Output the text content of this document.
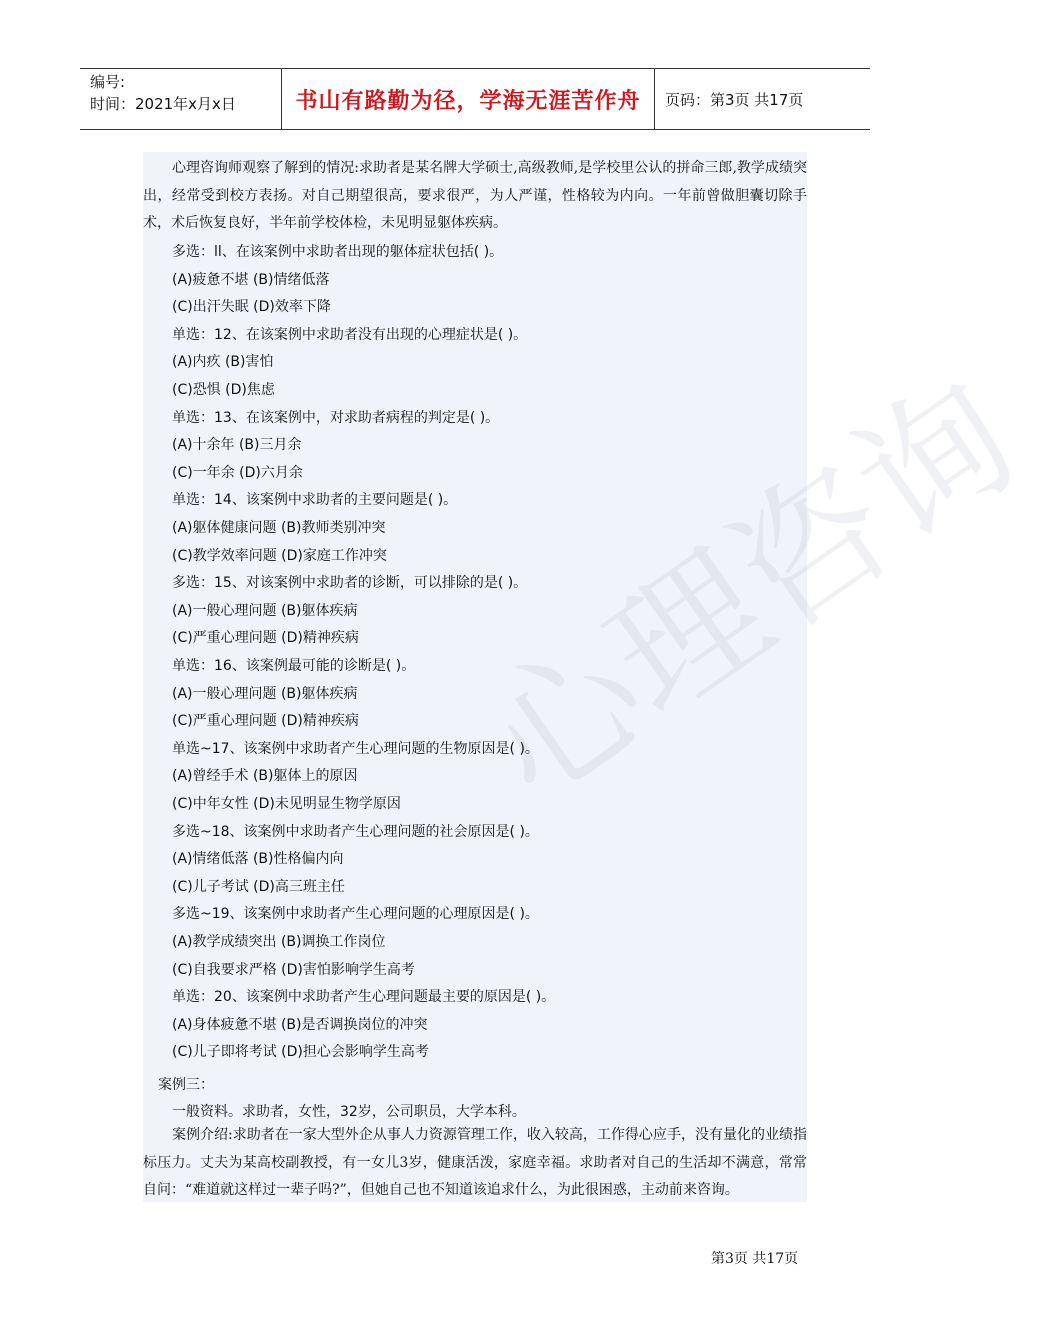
编号:
时间：2021年x月x日	书山有路勤为径，学海无涯苦作舟	页码：第3页 共17页
心理咨询
心理咨询师观察了解到的情况:求助者是某名牌大学硕士,高级教师,是学校里公认的拼命三郎,教学成绩突出，经常受到校方表扬。对自己期望很高，要求很严，为人严谨，性格较为内向。一年前曾做胆囊切除手术，术后恢复良好，半年前学校体检，未见明显躯体疾病。
多选：ll、在该案例中求助者出现的躯体症状包括( )。
(A)疲惫不堪 (B)情绪低落
(C)出汗失眠 (D)效率下降
单选：12、在该案例中求助者没有出现的心理症状是( )。
(A)内疚 (B)害怕
(C)恐惧 (D)焦虑
单选：13、在该案例中，对求助者病程的判定是( )。
(A)十余年 (B)三月余
(C)一年余 (D)六月余
单选：14、该案例中求助者的主要问题是( )。
(A)躯体健康问题 (B)教师类别冲突
(C)教学效率问题 (D)家庭工作冲突
多选：15、对该案例中求助者的诊断，可以排除的是( )。
(A)一般心理问题 (B)躯体疾病
(C)严重心理问题 (D)精神疾病
单选：16、该案例最可能的诊断是( )。
(A)一般心理问题 (B)躯体疾病
(C)严重心理问题 (D)精神疾病
单选~17、该案例中求助者产生心理问题的生物原因是( )。
(A)曾经手术 (B)躯体上的原因
(C)中年女性 (D)未见明显生物学原因
多选~18、该案例中求助者产生心理问题的社会原因是( )。
(A)情绪低落 (B)性格偏内向
(C)儿子考试 (D)高三班主任
多选~19、该案例中求助者产生心理问题的心理原因是( )。
(A)教学成绩突出 (B)调换工作岗位
(C)自我要求严格 (D)害怕影响学生高考
单选：20、该案例中求助者产生心理问题最主要的原因是( )。
(A)身体疲惫不堪 (B)是否调换岗位的冲突
(C)儿子即将考试 (D)担心会影响学生高考
案例三：
一般资料。求助者，女性，32岁，公司职员，大学本科。
案例介绍:求助者在一家大型外企从事人力资源管理工作，收入较高，工作得心应手，没有量化的业绩指标压力。丈夫为某高校副教授，有一女儿3岁，健康活泼，家庭幸福。求助者对自己的生活却不满意，常常自问：“难道就这样过一辈子吗?”，但她自己也不知道该追求什么，为此很困惑，主动前来咨询。
第3页 共17页
